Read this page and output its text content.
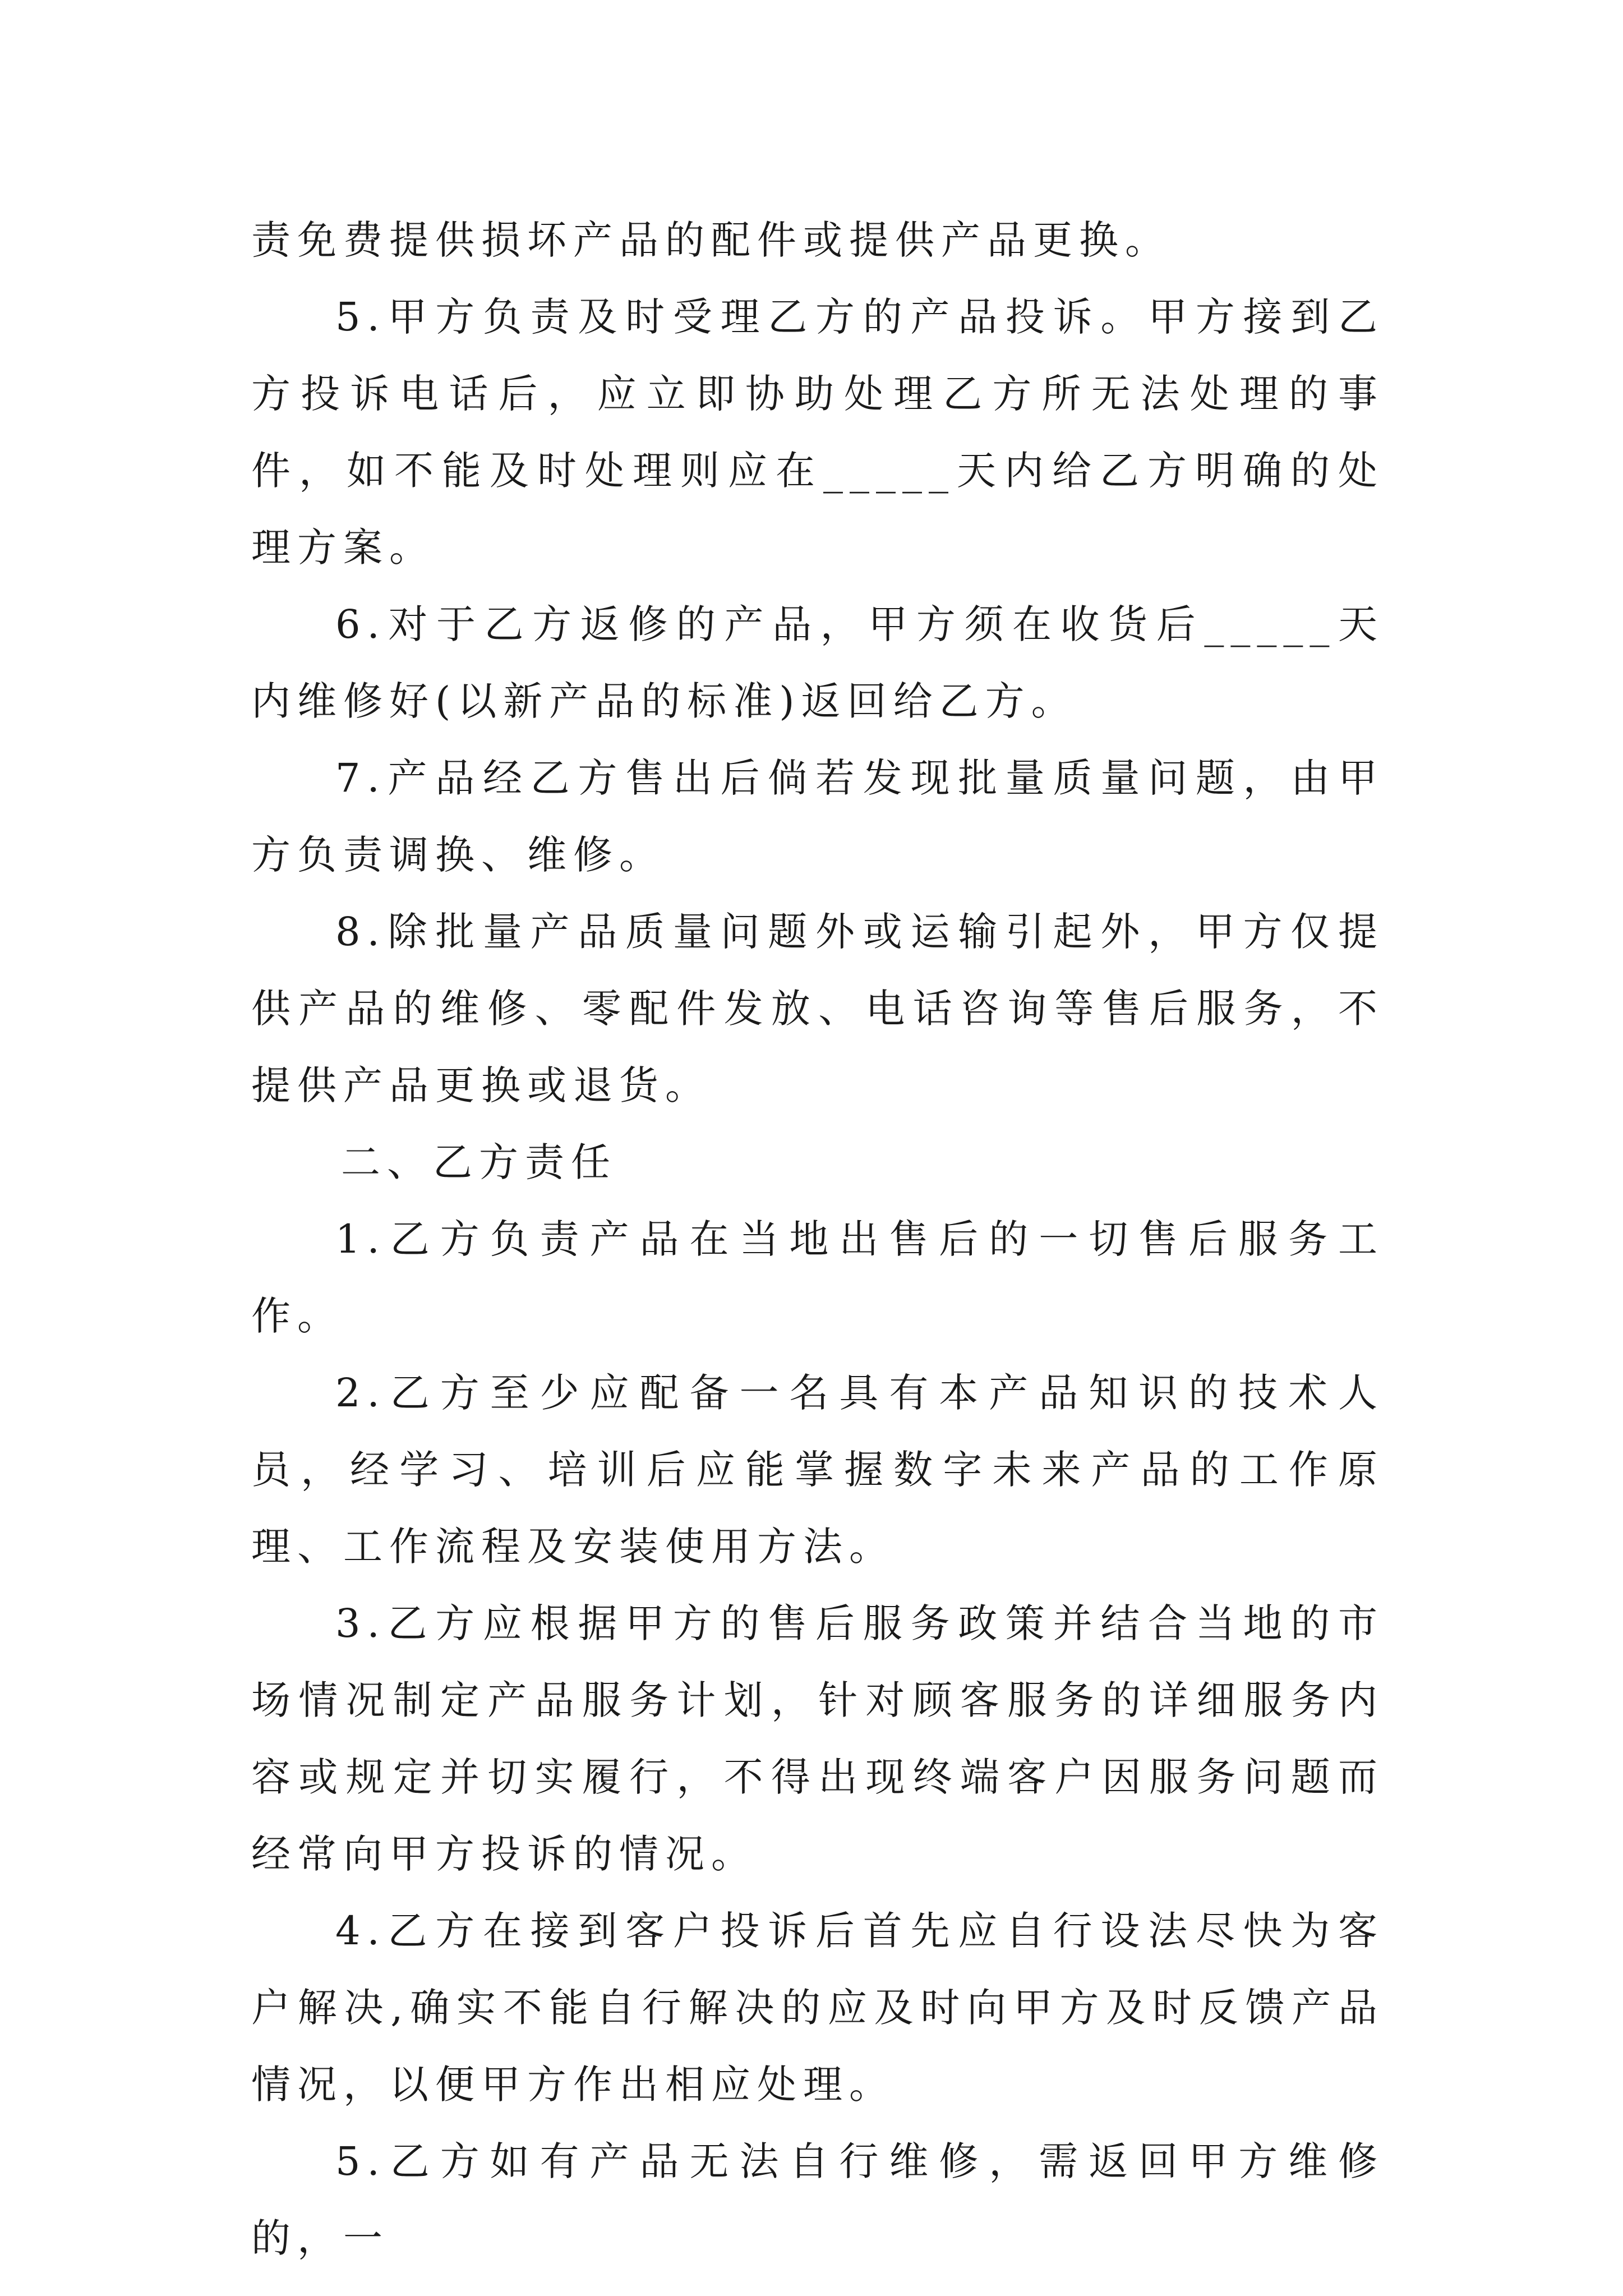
责免费提供损坏产品的配件或提供产品更换。

5.甲方负责及时受理乙方的产品投诉。甲方接到乙方投诉电话后，应立即协助处理乙方所无法处理的事件，如不能及时处理则应在_____天内给乙方明确的处理方案。

6.对于乙方返修的产品，甲方须在收货后_____天内维修好(以新产品的标准)返回给乙方。

7.产品经乙方售出后倘若发现批量质量问题，由甲方负责调换、维修。

8.除批量产品质量问题外或运输引起外，甲方仅提供产品的维修、零配件发放、电话咨询等售后服务，不提供产品更换或退货。

二、乙方责任

1.乙方负责产品在当地出售后的一切售后服务工作。

2.乙方至少应配备一名具有本产品知识的技术人员，经学习、培训后应能掌握数字未来产品的工作原理、工作流程及安装使用方法。

3.乙方应根据甲方的售后服务政策并结合当地的市场情况制定产品服务计划，针对顾客服务的详细服务内容或规定并切实履行，不得出现终端客户因服务问题而经常向甲方投诉的情况。

4.乙方在接到客户投诉后首先应自行设法尽快为客户解决,确实不能自行解决的应及时向甲方及时反馈产品情况，以便甲方作出相应处理。

5.乙方如有产品无法自行维修，需返回甲方维修的，一
